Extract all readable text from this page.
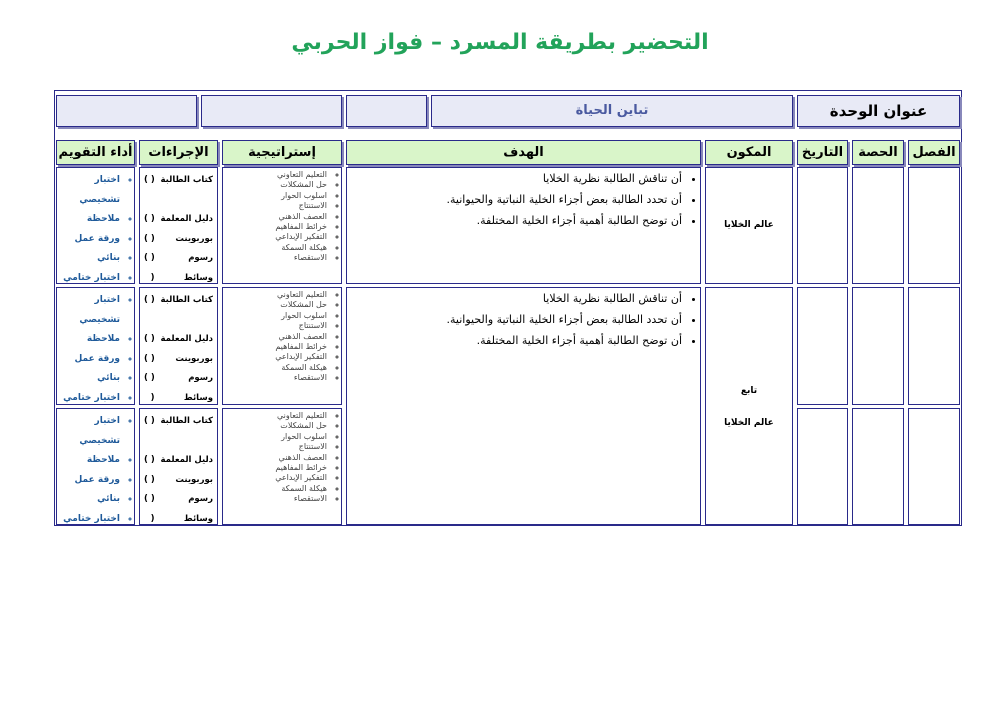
التحضير بطريقة المسرد – فواز الحربي
عنوان الوحدة
تباين الحياة
الفصل
الحصة
التاريخ
المكون
الهدف
إستراتيجية
الإجراءات
أداء التقويم
عالم الخلايا
• أن تناقش الطالبة نظرية الخلايا
• أن تحدد الطالبة بعض أجزاء الخلية النباتية والحيوانية.
• أن توضح الطالبة أهمية أجزاء الخلية المختلفة.
◦ التعليم التعاوني
◦ حل المشكلات
◦ اسلوب الحوار
◦ الاستنتاج
◦ العصف الذهني
◦ خرائط المفاهيم
◦ التفكير الإبداعي
◦ هيكلة السمكة
◦ الاستقصاء
كتاب الطالبة
( )
دليل المعلمة
( )
بوربوينت
( )
رسوم
( )
وسائط
(
◦ اختبار تشخيصي
◦ ملاحظة
◦ ورقة عمل
◦ بنائي
◦ اختبار ختامي
تابع
عالم الخلايا
• أن تناقش الطالبة نظرية الخلايا
• أن تحدد الطالبة بعض أجزاء الخلية النباتية والحيوانية.
• أن توضح الطالبة أهمية أجزاء الخلية المختلفة.
◦ التعليم التعاوني
◦ حل المشكلات
◦ اسلوب الحوار
◦ الاستنتاج
◦ العصف الذهني
◦ خرائط المفاهيم
◦ التفكير الإبداعي
◦ هيكلة السمكة
◦ الاستقصاء
كتاب الطالبة
( )
دليل المعلمة
( )
بوربوينت
( )
رسوم
( )
وسائط
(
◦ اختبار تشخيصي
◦ ملاحظة
◦ ورقة عمل
◦ بنائي
◦ اختبار ختامي
◦ التعليم التعاوني
◦ حل المشكلات
◦ اسلوب الحوار
◦ الاستنتاج
◦ العصف الذهني
◦ خرائط المفاهيم
◦ التفكير الإبداعي
◦ هيكلة السمكة
◦ الاستقصاء
كتاب الطالبة
( )
دليل المعلمة
( )
بوربوينت
( )
رسوم
( )
وسائط
(
◦ اختبار تشخيصي
◦ ملاحظة
◦ ورقة عمل
◦ بنائي
◦ اختبار ختامي
